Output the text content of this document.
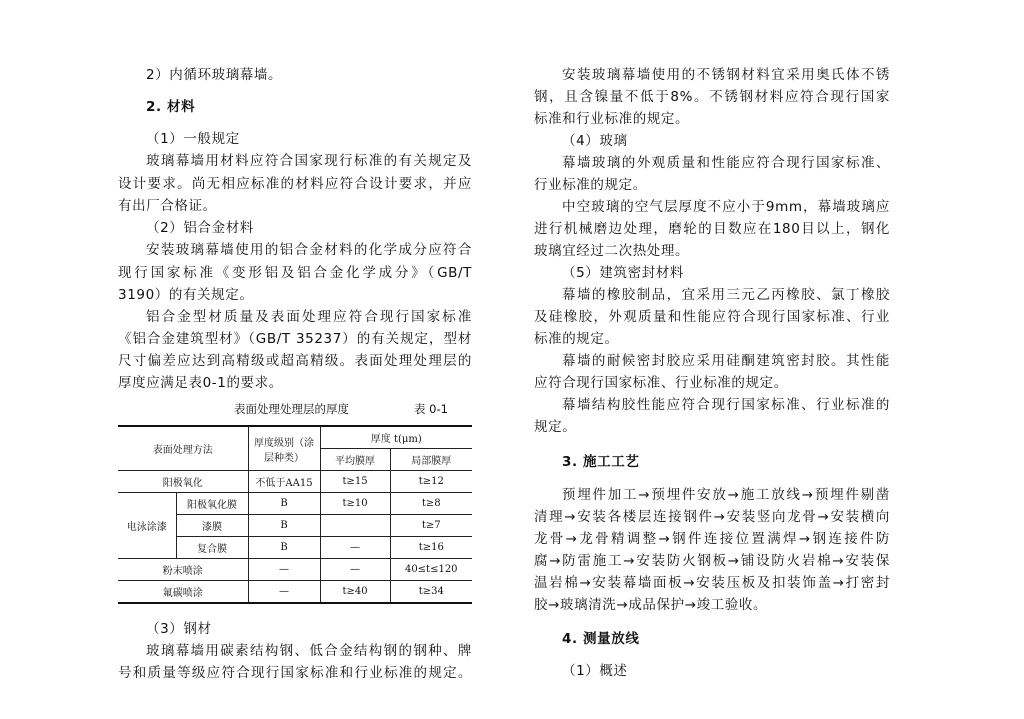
2）内循环玻璃幕墙。
2. 材料
（1）一般规定
玻璃幕墙用材料应符合国家现行标准的有关规定及
设计要求。尚无相应标准的材料应符合设计要求，并应
有出厂合格证。
（2）铝合金材料
安装玻璃幕墙使用的铝合金材料的化学成分应符合
现行国家标准《变形铝及铝合金化学成分》（GB/T
3190）的有关规定。
铝合金型材质量及表面处理应符合现行国家标准
《铝合金建筑型材》（GB/T 35237）的有关规定，型材
尺寸偏差应达到高精级或超高精级。表面处理处理层的
厚度应满足表0-1的要求。
（3）钢材
玻璃幕墙用碳素结构钢、低合金结构钢的钢种、牌
号和质量等级应符合现行国家标准和行业标准的规定。
表面处理处理层的厚度	表 0-1
表面处理方法		厚度级别（涂层种类）	厚度 t(μm)	
			平均膜厚	局部膜厚
阳极氧化		不低于AA15	t≥15	t≥12
电泳涂漆	阳极氧化膜	B	t≥10	t≥8
	漆膜	B		t≥7
	复合膜	B	—	t≥16
粉末喷涂		—	—	40≤t≤120
氟碳喷涂		—	t≥40	t≥34
安装玻璃幕墙使用的不锈钢材料宜采用奥氏体不锈
钢，且含镍量不低于8%。不锈钢材料应符合现行国家
标准和行业标准的规定。
（4）玻璃
幕墙玻璃的外观质量和性能应符合现行国家标准、
行业标准的规定。
中空玻璃的空气层厚度不应小于9mm，幕墙玻璃应
进行机械磨边处理，磨轮的目数应在180目以上，钢化
玻璃宜经过二次热处理。
（5）建筑密封材料
幕墙的橡胶制品，宜采用三元乙丙橡胶、氯丁橡胶
及硅橡胶，外观质量和性能应符合现行国家标准、行业
标准的规定。
幕墙的耐候密封胶应采用硅酮建筑密封胶。其性能
应符合现行国家标准、行业标准的规定。
幕墙结构胶性能应符合现行国家标准、行业标准的
规定。
3. 施工工艺
预埋件加工→预埋件安放→施工放线→预埋件剔凿
清理→安装各楼层连接钢件→安装竖向龙骨→安装横向
龙骨→龙骨精调整→钢件连接位置满焊→钢连接件防
腐→防雷施工→安装防火钢板→铺设防火岩棉→安装保
温岩棉→安装幕墙面板→安装压板及扣装饰盖→打密封
胶→玻璃清洗→成品保护→竣工验收。
4. 测量放线
（1）概述
